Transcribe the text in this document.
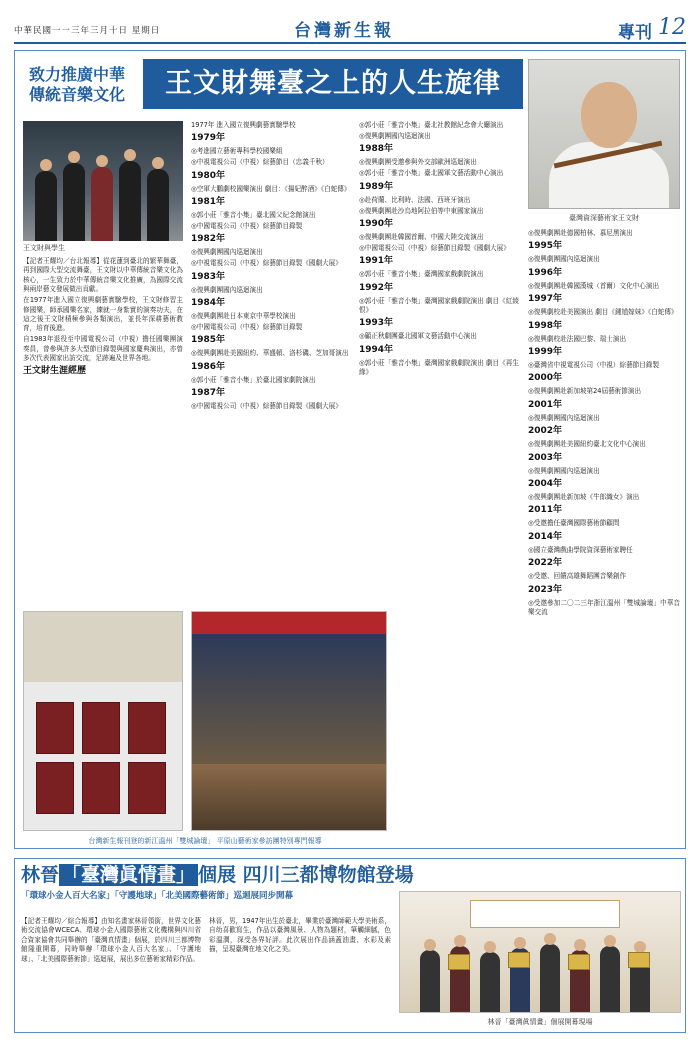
中華民國一一三年三月十日 星期日	台灣新生報	專刊 12
致力推廣中華傳統音樂文化	王文財舞臺之上的人生旋律
臺灣資深藝術家王文財
王文財與學生

【記者王耀均／台北報導】從花蓮到臺北的繁華舞臺，再到國際大型交流舞臺，王文財以中華傳統音樂文化為核心，一生致力於中華傳統音樂文化推廣，為國際交流與兩岸藝文發展做出貢獻。

在1977年進入國立復興劇藝實驗學校，王文財修習主修國樂，師承國樂名家，練就一身紮實的演奏功夫，在這之後王文財積極參與各類演出，並長年深耕藝術教育，培育後進。

自1983年退役至中國電視公司（中視）擔任國樂團演奏員，曾參與許多大型節目錄製與國家慶典演出，亦曾多次代表國家出訪交流，足跡遍及世界各地。

王文財生涯經歷

1977年 進入國立復興劇藝實驗學校

1979年

◎考進國立藝術專科學校國樂組

◎中視電視公司（中視）綜藝節目（忠義千秋）

1980年

◎空軍大鵬劇校國樂演出 劇目：《揚妃醉酒》《白蛇傳》

1981年

◎郭小莊「雅音小集」臺北國父紀念館演出

◎中國電視公司（中視）綜藝節目錄製

1982年

◎復興劇團國內巡迴演出

◎中視電視公司（中視）綜藝節目錄製《國劇大展》

1983年

◎復興劇團國內巡迴演出

1984年

◎復興劇團赴日本東京中華學校演出

◎中國電視公司（中視）綜藝節目錄製

1985年

◎復興劇團赴美國紐約、華盛頓、洛杉磯、芝加哥演出

1986年

◎郭小莊「雅音小集」於臺北國家劇院演出

1987年

◎中國電視公司（中視）綜藝節目錄製《國劇大展》

◎郭小莊「雅音小集」臺北社教館紀念會大廳演出

◎復興劇團國內巡迴演出

1988年

◎復興劇團受邀參與外交部歐洲巡迴演出

◎郭小莊「雅音小集」臺北國軍文藝活動中心演出

1989年

◎赴荷蘭、比利時、法國、西班牙演出

◎復興劇團赴沙烏地阿拉伯等中東國家演出

1990年

◎復興劇團赴韓國首爾、中國大陸交流演出

◎中國電視公司（中視）綜藝節目錄製《國劇大展》

1991年

◎郭小莊「雅音小集」臺灣國家戲劇院演出

1992年

◎郭小莊「雅音小集」臺灣國家戲劇院演出 劇目《紅綾恨》

1993年

◎顧正秋劇團臺北國軍文藝活動中心演出

1994年

◎郭小莊「雅音小集」臺灣國家戲劇院演出 劇目《再生緣》

◎復興劇團赴德國柏林、慕尼黑演出

1995年

◎復興劇團國內巡迴演出

1996年

◎復興劇團赴韓國漢城（首爾）文化中心演出

1997年

◎復興劇校赴美國演出 劇目《鍾馗嫁妹》《白蛇傳》

1998年

◎復興劇校赴法國巴黎、瑞士演出

1999年

◎臺灣省中視電視公司（中視）綜藝節目錄製

2000年

◎復興劇團赴新加坡第24屆藝術節演出

2001年

◎復興劇團國內巡迴演出

2002年

◎復興劇團赴美國紐約臺北文化中心演出

2003年

◎復興劇團國內巡迴演出

2004年

◎復興劇團赴新加坡《牛郎織女》演出

2011年

◎受邀擔任臺灣國際藝術節顧問

2014年

◎國立臺灣戲曲學院資深藝術家聘任

2022年

◎受邀、回饋高雄舞蹈團音樂創作

2023年

◎受邀參加二〇二三年浙江溫州「雙城論壇」中華音樂交流

台灣新生報刊登的新江溫州「雙城論壇」 平原山藝術家參訪團特別專門報導
林晉 「臺灣眞情畫」 個展 四川三都博物館登場
「環球小金人百大名家」「守護地球」「北美國際藝術節」巡迴展同步開幕

【記者王耀均／綜合報導】由知名畫家林晉領銜，世界文化藝術交流協會WCECA、環球小金人國際藝術文化機構與四川省合資家協會共同舉辦的「臺灣真情畫」個展，於四川三都博物館隆重開幕，同時舉辦「環球小金人百大名家」、「守護地球」、「北美國際藝術節」巡迴展，展出多位藝術家精彩作品。

林晉，男，1947年出生於臺北，畢業於臺灣師範大學美術系，自幼喜歡寫生，作品以臺灣風景、人物為題材，筆觸細膩，色彩溫潤，深受各界好評。此次展出作品涵蓋油畫、水彩及素描，呈現臺灣在地文化之美。

林晉「臺灣眞情畫」個展開幕現場
